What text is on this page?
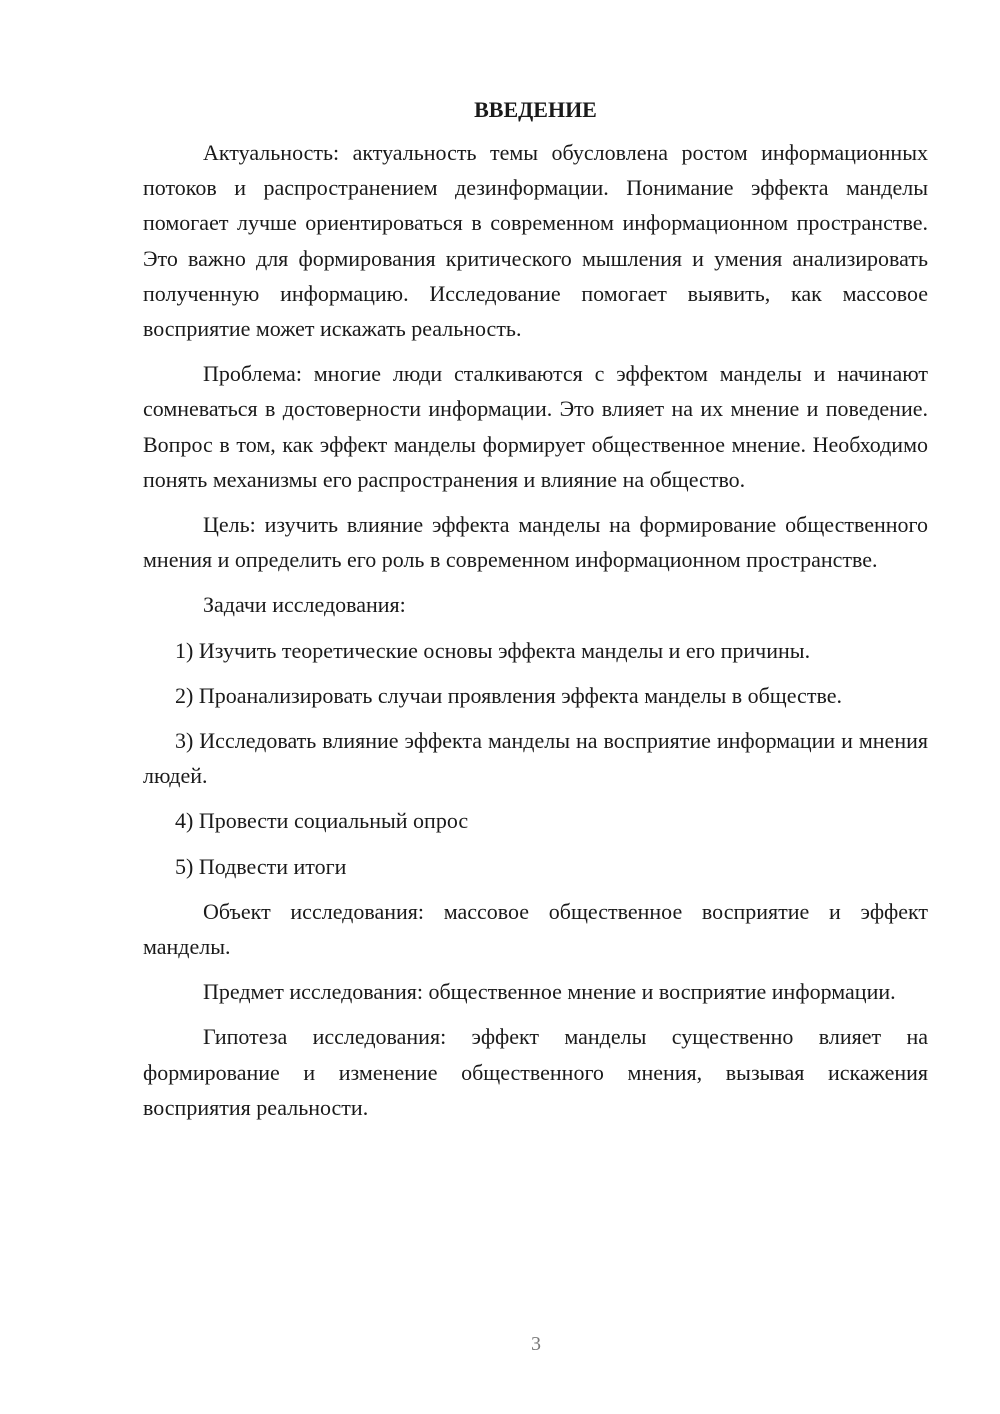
ВВЕДЕНИЕ

Актуальность: актуальность темы обусловлена ростом информационных потоков и распространением дезинформации. Понимание эффекта манделы помогает лучше ориентироваться в современном информационном пространстве. Это важно для формирования критического мышления и умения анализировать полученную информацию. Исследование помогает выявить, как массовое восприятие может искажать реальность.

Проблема: многие люди сталкиваются с эффектом манделы и начинают сомневаться в достоверности информации. Это влияет на их мнение и поведение. Вопрос в том, как эффект манделы формирует общественное мнение. Необходимо понять механизмы его распространения и влияние на общество.

Цель: изучить влияние эффекта манделы на формирование общественного мнения и определить его роль в современном информационном пространстве.

Задачи исследования:

1) Изучить теоретические основы эффекта манделы и его причины.

2) Проанализировать случаи проявления эффекта манделы в обществе.

3) Исследовать влияние эффекта манделы на восприятие информации и мнения людей.

4) Провести социальный опрос

5) Подвести итоги

Объект исследования: массовое общественное восприятие и эффект манделы.

Предмет исследования: общественное мнение и восприятие информации.

Гипотеза исследования: эффект манделы существенно влияет на формирование и изменение общественного мнения, вызывая искажения восприятия реальности.

3
